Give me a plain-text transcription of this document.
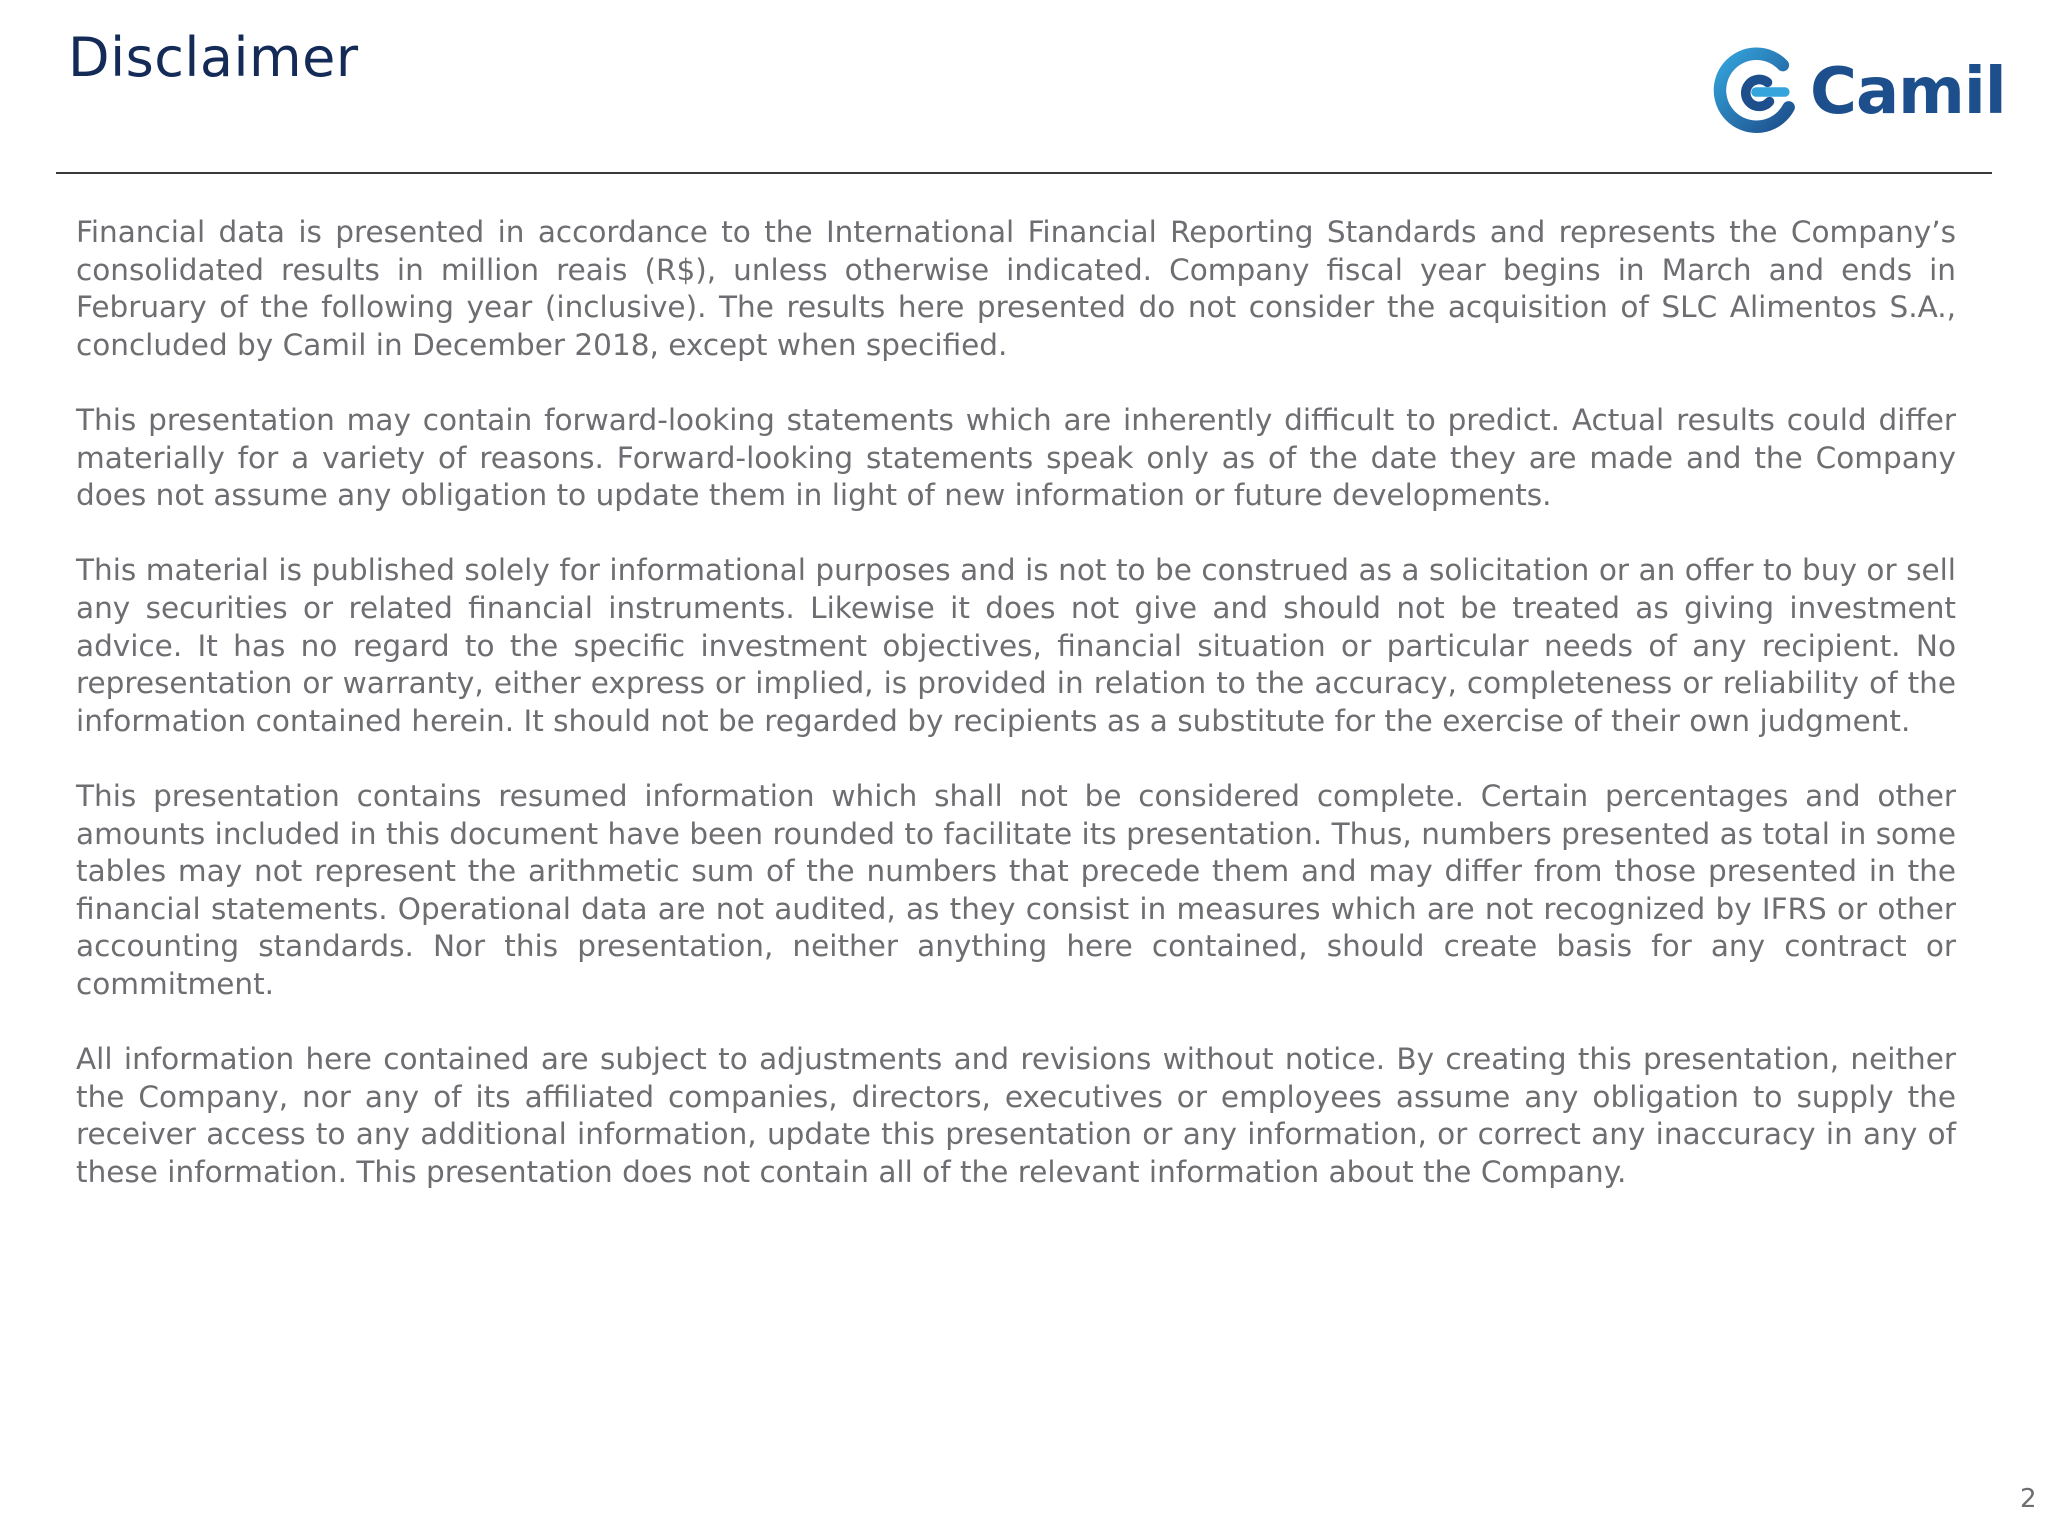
Disclaimer	Camil

Financial data is presented in accordance to the International Financial Reporting Standards and represents the Company’s consolidated results in million reais (R$), unless otherwise indicated. Company fiscal year begins in March and ends in February of the following year (inclusive). The results here presented do not consider the acquisition of SLC Alimentos S.A., concluded by Camil in December 2018, except when specified.

This presentation may contain forward-looking statements which are inherently difficult to predict. Actual results could differ materially for a variety of reasons. Forward-looking statements speak only as of the date they are made and the Company does not assume any obligation to update them in light of new information or future developments.

This material is published solely for informational purposes and is not to be construed as a solicitation or an offer to buy or sell any securities or related financial instruments. Likewise it does not give and should not be treated as giving investment advice. It has no regard to the specific investment objectives, financial situation or particular needs of any recipient. No representation or warranty, either express or implied, is provided in relation to the accuracy, completeness or reliability of the information contained herein. It should not be regarded by recipients as a substitute for the exercise of their own judgment.

This presentation contains resumed information which shall not be considered complete. Certain percentages and other amounts included in this document have been rounded to facilitate its presentation. Thus, numbers presented as total in some tables may not represent the arithmetic sum of the numbers that precede them and may differ from those presented in the financial statements. Operational data are not audited, as they consist in measures which are not recognized by IFRS or other accounting standards. Nor this presentation, neither anything here contained, should create basis for any contract or commitment.

All information here contained are subject to adjustments and revisions without notice. By creating this presentation, neither the Company, nor any of its affiliated companies, directors, executives or employees assume any obligation to supply the receiver access to any additional information, update this presentation or any information, or correct any inaccuracy in any of these information. This presentation does not contain all of the relevant information about the Company.

2
